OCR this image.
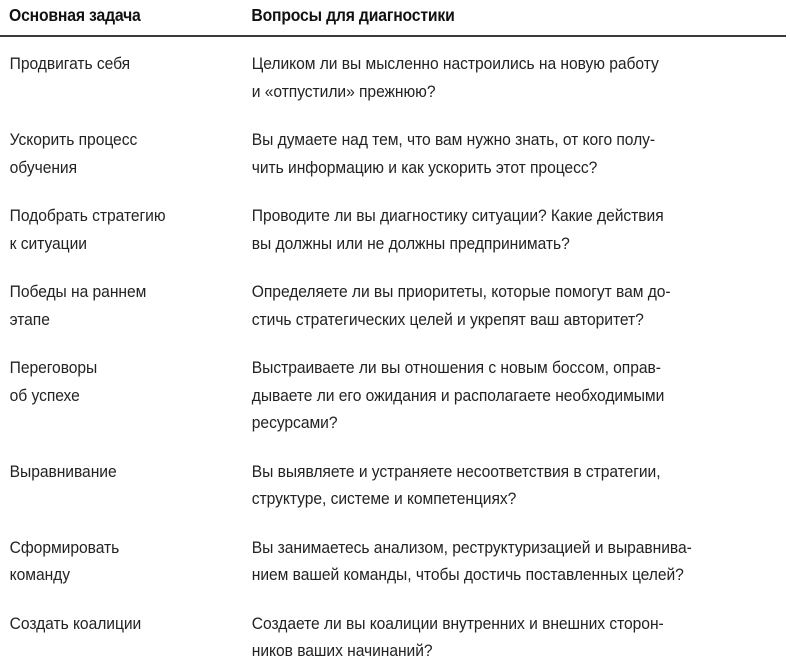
Основная задача	Вопросы для диагностики

Продвигать себя	Целиком ли вы мысленно настроились на новую работу
и «отпустили» прежнюю?

Ускорить процесс
обучения	Вы думаете над тем, что вам нужно знать, от кого полу-
чить информацию и как ускорить этот процесс?

Подобрать стратегию
к ситуации	Проводите ли вы диагностику ситуации? Какие действия
вы должны или не должны предпринимать?

Победы на раннем
этапе	Определяете ли вы приоритеты, которые помогут вам до-
стичь стратегических целей и укрепят ваш авторитет?

Переговоры
об успехе	Выстраиваете ли вы отношения с новым боссом, оправ-
дываете ли его ожидания и располагаете необходимыми
ресурсами?

Выравнивание	Вы выявляете и устраняете несоответствия в стратегии,
структуре, системе и компетенциях?

Сформировать
команду	Вы занимаетесь анализом, реструктуризацией и выравнива-
нием вашей команды, чтобы достичь поставленных целей?

Создать коалиции	Создаете ли вы коалиции внутренних и внешних сторон-
ников ваших начинаний?
